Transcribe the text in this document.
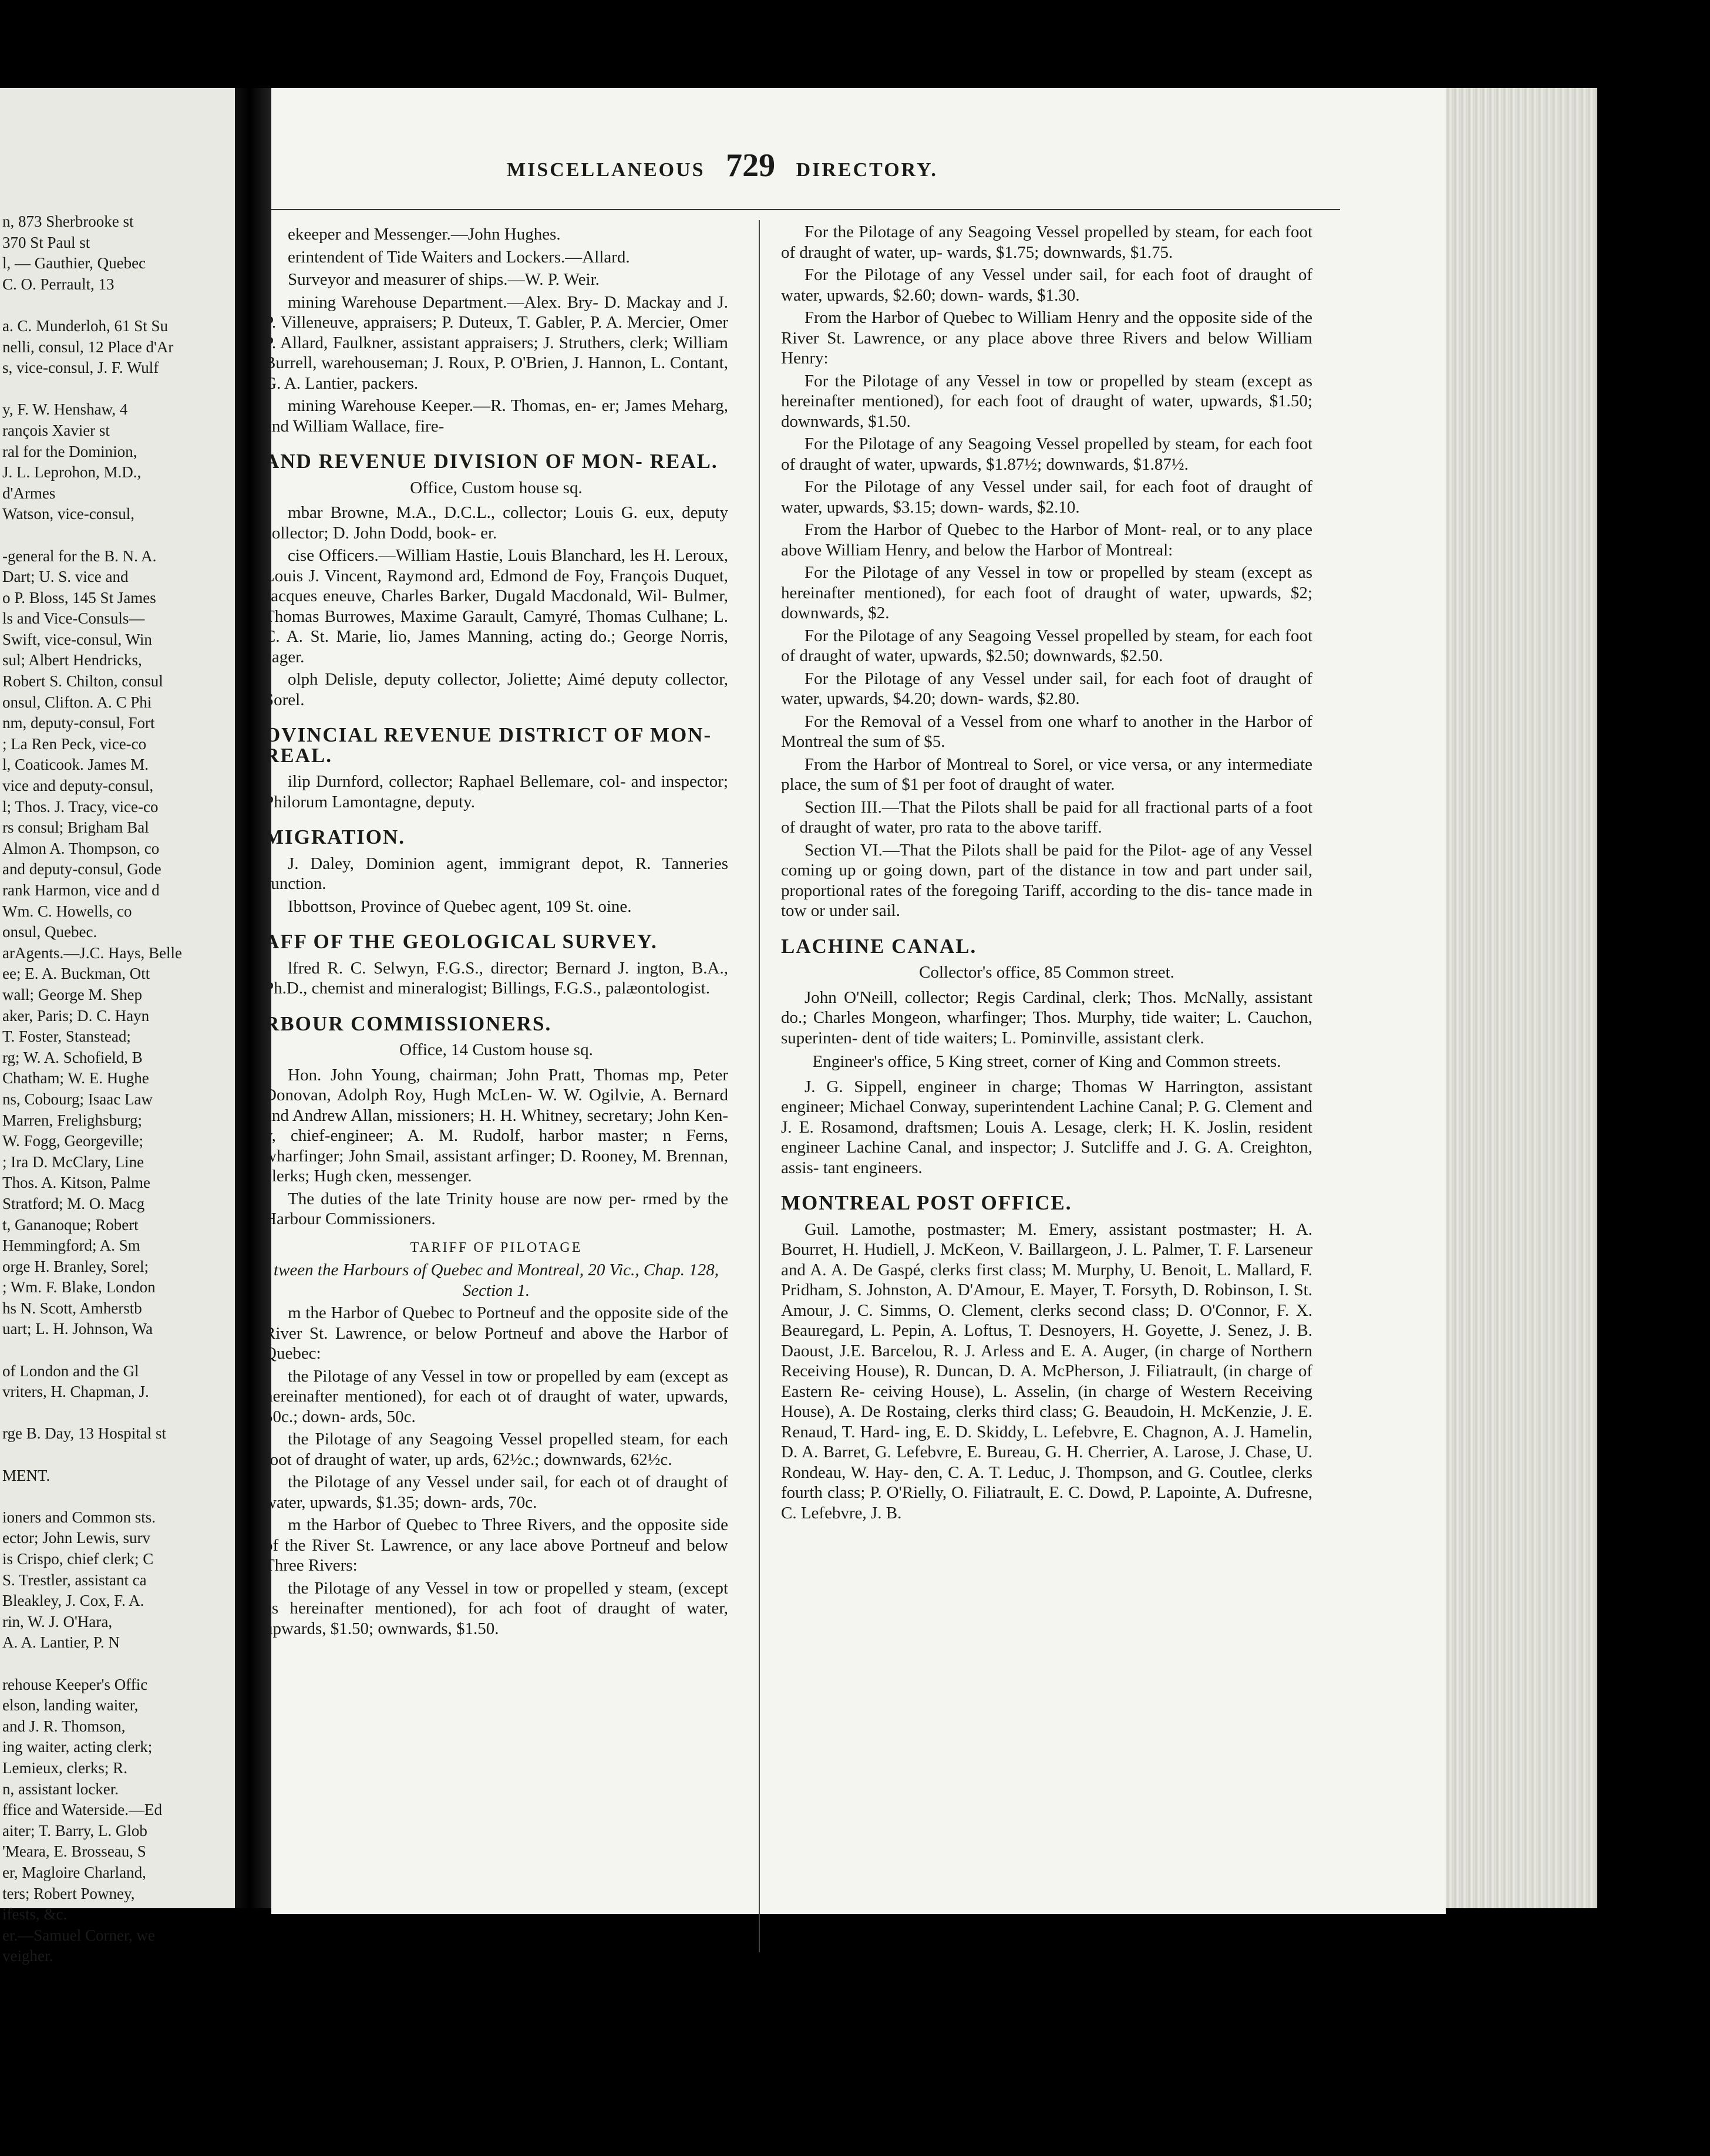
n, 873 Sherbrooke st
370 St Paul st
l, — Gauthier, Quebec
C. O. Perrault, 13
a. C. Munderloh, 61 St Su
nelli, consul, 12 Place d'Ar
s, vice-consul, J. F. Wulf
y, F. W. Henshaw, 4
rançois Xavier st
ral for the Dominion,
J. L. Leprohon, M.D.,
d'Armes
Watson, vice-consul,
-general for the B. N. A.
Dart; U. S. vice and
o P. Bloss, 145 St James
ls and Vice-Consuls—
Swift, vice-consul, Win
sul; Albert Hendricks,
Robert S. Chilton, consul
onsul, Clifton. A. C Phi
nm, deputy-consul, Fort
; La Ren Peck, vice-co
l, Coaticook. James M.
vice and deputy-consul,
l; Thos. J. Tracy, vice-co
rs consul; Brigham Bal
Almon A. Thompson, co
and deputy-consul, Gode
rank Harmon, vice and d
Wm. C. Howells, co
onsul, Quebec.
arAgents.—J.C. Hays, Belle
ee; E. A. Buckman, Ott
wall; George M. Shep
aker, Paris; D. C. Hayn
T. Foster, Stanstead;
rg; W. A. Schofield, B
Chatham; W. E. Hughe
ns, Cobourg; Isaac Law
Marren, Frelighsburg;
W. Fogg, Georgeville;
; Ira D. McClary, Line
Thos. A. Kitson, Palme
Stratford; M. O. Macg
t, Gananoque; Robert
Hemmingford; A. Sm
orge H. Branley, Sorel;
; Wm. F. Blake, London
hs N. Scott, Amherstb
uart; L. H. Johnson, Wa
of London and the Gl
vriters, H. Chapman, J.
rge B. Day, 13 Hospital st
MENT.
ioners and Common sts.
ector; John Lewis, surv
is Crispo, chief clerk; C
S. Trestler, assistant ca
Bleakley, J. Cox, F. A.
rin, W. J. O'Hara,
A. A. Lantier, P. N
rehouse Keeper's Offic
elson, landing waiter,
and J. R. Thomson,
ing waiter, acting clerk;
Lemieux, clerks; R.
n, assistant locker.
ffice and Waterside.—Ed
aiter; T. Barry, L. Glob
'Meara, E. Brosseau, S
er, Magloire Charland,
ters; Robert Powney,
ifests, &c.
er.—Samuel Corner, we
veigher.
MISCELLANEOUS 729 DIRECTORY.

ekeeper and Messenger.—John Hughes.

erintendent of Tide Waiters and Lockers.—Allard.

Surveyor and measurer of ships.—W. P. Weir.

mining Warehouse Department.—Alex. Bry- D. Mackay and J. P. Villeneuve, appraisers; P. Duteux, T. Gabler, P. A. Mercier, Omer P. Allard, Faulkner, assistant appraisers; J. Struthers, clerk; William Burrell, warehouseman; J. Roux, P. O'Brien, J. Hannon, L. Contant, G. A. Lantier, packers.

mining Warehouse Keeper.—R. Thomas, en- er; James Meharg, and William Wallace, fire-

AND REVENUE DIVISION OF MON- REAL.

Office, Custom house sq.

mbar Browne, M.A., D.C.L., collector; Louis G. eux, deputy collector; D. John Dodd, book- er.

cise Officers.—William Hastie, Louis Blanchard, les H. Leroux, Louis J. Vincent, Raymond ard, Edmond de Foy, François Duquet, Jacques eneuve, Charles Barker, Dugald Macdonald, Wil- Bulmer, Thomas Burrowes, Maxime Garault, Camyré, Thomas Culhane; L. C. A. St. Marie, lio, James Manning, acting do.; George Norris, eager.

olph Delisle, deputy collector, Joliette; Aimé deputy collector, Sorel.

OVINCIAL REVENUE DISTRICT OF MON- REAL.

ilip Durnford, collector; Raphael Bellemare, col- and inspector; Philorum Lamontagne, deputy.

MIGRATION.

J. Daley, Dominion agent, immigrant depot, R. Tanneries Junction.

Ibbottson, Province of Quebec agent, 109 St. oine.

AFF OF THE GEOLOGICAL SURVEY.

lfred R. C. Selwyn, F.G.S., director; Bernard J. ington, B.A., Ph.D., chemist and mineralogist; Billings, F.G.S., palæontologist.

RBOUR COMMISSIONERS.

Office, 14 Custom house sq.

Hon. John Young, chairman; John Pratt, Thomas mp, Peter Donovan, Adolph Roy, Hugh McLen- W. W. Ogilvie, A. Bernard and Andrew Allan, missioners; H. H. Whitney, secretary; John Ken- y, chief-engineer; A. M. Rudolf, harbor master; n Ferns, wharfinger; John Smail, assistant arfinger; D. Rooney, M. Brennan, clerks; Hugh cken, messenger.

The duties of the late Trinity house are now per- rmed by the Harbour Commissioners.

TARIFF OF PILOTAGE

tween the Harbours of Quebec and Montreal, 20 Vic., Chap. 128, Section 1.

m the Harbor of Quebec to Portneuf and the opposite side of the River St. Lawrence, or below Portneuf and above the Harbor of Quebec:

the Pilotage of any Vessel in tow or propelled by eam (except as hereinafter mentioned), for each ot of draught of water, upwards, 50c.; down- ards, 50c.

the Pilotage of any Seagoing Vessel propelled steam, for each foot of draught of water, up ards, 62½c.; downwards, 62½c.

the Pilotage of any Vessel under sail, for each ot of draught of water, upwards, $1.35; down- ards, 70c.

m the Harbor of Quebec to Three Rivers, and the opposite side of the River St. Lawrence, or any lace above Portneuf and below Three Rivers:

the Pilotage of any Vessel in tow or propelled y steam, (except as hereinafter mentioned), for ach foot of draught of water, upwards, $1.50; ownwards, $1.50.

For the Pilotage of any Seagoing Vessel propelled by steam, for each foot of draught of water, up- wards, $1.75; downwards, $1.75.

For the Pilotage of any Vessel under sail, for each foot of draught of water, upwards, $2.60; down- wards, $1.30.

From the Harbor of Quebec to William Henry and the opposite side of the River St. Lawrence, or any place above three Rivers and below William Henry:

For the Pilotage of any Vessel in tow or propelled by steam (except as hereinafter mentioned), for each foot of draught of water, upwards, $1.50; downwards, $1.50.

For the Pilotage of any Seagoing Vessel propelled by steam, for each foot of draught of water, upwards, $1.87½; downwards, $1.87½.

For the Pilotage of any Vessel under sail, for each foot of draught of water, upwards, $3.15; down- wards, $2.10.

From the Harbor of Quebec to the Harbor of Mont- real, or to any place above William Henry, and below the Harbor of Montreal:

For the Pilotage of any Vessel in tow or propelled by steam (except as hereinafter mentioned), for each foot of draught of water, upwards, $2; downwards, $2.

For the Pilotage of any Seagoing Vessel propelled by steam, for each foot of draught of water, upwards, $2.50; downwards, $2.50.

For the Pilotage of any Vessel under sail, for each foot of draught of water, upwards, $4.20; down- wards, $2.80.

For the Removal of a Vessel from one wharf to another in the Harbor of Montreal the sum of $5.

From the Harbor of Montreal to Sorel, or vice versa, or any intermediate place, the sum of $1 per foot of draught of water.

Section III.—That the Pilots shall be paid for all fractional parts of a foot of draught of water, pro rata to the above tariff.

Section VI.—That the Pilots shall be paid for the Pilot- age of any Vessel coming up or going down, part of the distance in tow and part under sail, proportional rates of the foregoing Tariff, according to the dis- tance made in tow or under sail.

LACHINE CANAL.

Collector's office, 85 Common street.

John O'Neill, collector; Regis Cardinal, clerk; Thos. McNally, assistant do.; Charles Mongeon, wharfinger; Thos. Murphy, tide waiter; L. Cauchon, superinten- dent of tide waiters; L. Pominville, assistant clerk.

Engineer's office, 5 King street, corner of King and Common streets.

J. G. Sippell, engineer in charge; Thomas W Harrington, assistant engineer; Michael Conway, superintendent Lachine Canal; P. G. Clement and J. E. Rosamond, draftsmen; Louis A. Lesage, clerk; H. K. Joslin, resident engineer Lachine Canal, and inspector; J. Sutcliffe and J. G. A. Creighton, assis- tant engineers.

MONTREAL POST OFFICE.

Guil. Lamothe, postmaster; M. Emery, assistant postmaster; H. A. Bourret, H. Hudiell, J. McKeon, V. Baillargeon, J. L. Palmer, T. F. Larseneur and A. A. De Gaspé, clerks first class; M. Murphy, U. Benoit, L. Mallard, F. Pridham, S. Johnston, A. D'Amour, E. Mayer, T. Forsyth, D. Robinson, I. St. Amour, J. C. Simms, O. Clement, clerks second class; D. O'Connor, F. X. Beauregard, L. Pepin, A. Loftus, T. Desnoyers, H. Goyette, J. Senez, J. B. Daoust, J.E. Barcelou, R. J. Arless and E. A. Auger, (in charge of Northern Receiving House), R. Duncan, D. A. McPherson, J. Filiatrault, (in charge of Eastern Re- ceiving House), L. Asselin, (in charge of Western Receiving House), A. De Rostaing, clerks third class; G. Beaudoin, H. McKenzie, J. E. Renaud, T. Hard- ing, E. D. Skiddy, L. Lefebvre, E. Chagnon, A. J. Hamelin, D. A. Barret, G. Lefebvre, E. Bureau, G. H. Cherrier, A. Larose, J. Chase, U. Rondeau, W. Hay- den, C. A. T. Leduc, J. Thompson, and G. Coutlee, clerks fourth class; P. O'Rielly, O. Filiatrault, E. C. Dowd, P. Lapointe, A. Dufresne, C. Lefebvre, J. B.
